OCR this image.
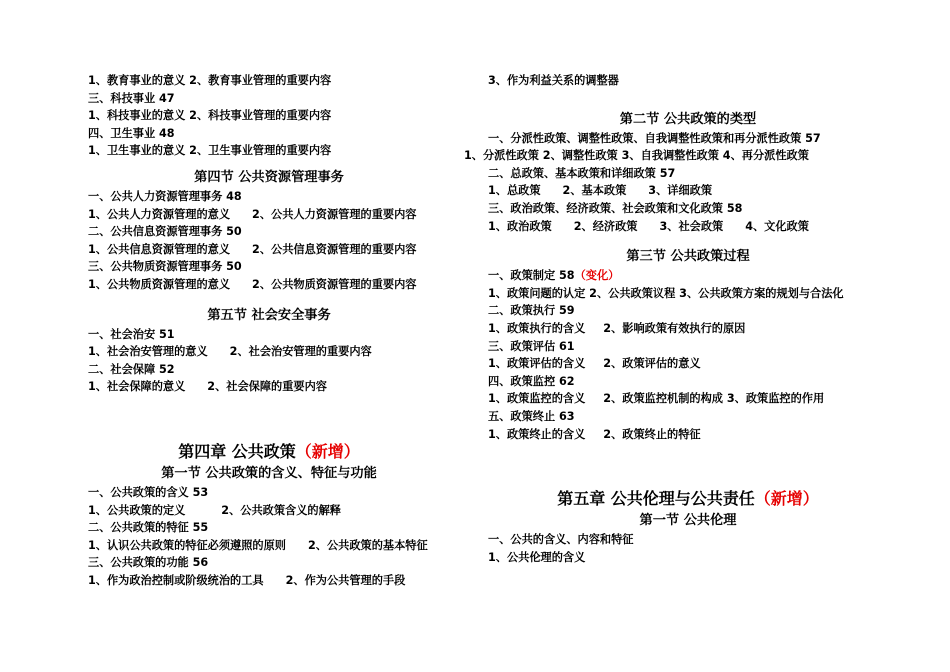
1、教育事业的意义 2、教育事业管理的重要内容
三、科技事业 47
1、科技事业的意义 2、科技事业管理的重要内容
四、卫生事业 48
1、卫生事业的意义 2、卫生事业管理的重要内容
第四节 公共资源管理事务
一、公共人力资源管理事务 48
1、公共人力资源管理的意义 2、公共人力资源管理的重要内容
二、公共信息资源管理事务 50
1、公共信息资源管理的意义 2、公共信息资源管理的重要内容
三、公共物质资源管理事务 50
1、公共物质资源管理的意义 2、公共物质资源管理的重要内容
第五节 社会安全事务
一、社会治安 51
1、社会治安管理的意义 2、社会治安管理的重要内容
二、社会保障 52
1、社会保障的意义 2、社会保障的重要内容
第四章 公共政策（新增）
第一节 公共政策的含义、特征与功能
一、公共政策的含义 53
1、公共政策的定义	2、公共政策含义的解释
二、公共政策的特征 55
1、认识公共政策的特征必须遵照的原则 2、公共政策的基本特征
三、公共政策的功能 56
1、作为政治控制或阶级统治的工具 2、作为公共管理的手段
3、作为利益关系的调整器
第二节 公共政策的类型
一、分派性政策、调整性政策、自我调整性政策和再分派性政策 57
1、分派性政策 2、调整性政策 3、自我调整性政策 4、再分派性政策
二、总政策、基本政策和详细政策 57
1、总政策 2、基本政策 3、详细政策
三、政治政策、经济政策、社会政策和文化政策 58
1、政治政策 2、经济政策 3、社会政策 4、文化政策
第三节 公共政策过程
一、政策制定 58（变化）
1、政策问题的认定 2、公共政策议程 3、公共政策方案的规划与合法化
二、政策执行 59
1、政策执行的含义 2、影响政策有效执行的原因
三、政策评估 61
1、政策评估的含义 2、政策评估的意义
四、政策监控 62
1、政策监控的含义 2、政策监控机制的构成 3、政策监控的作用
五、政策终止 63
1、政策终止的含义 2、政策终止的特征
第五章 公共伦理与公共责任（新增）
第一节 公共伦理
一、公共的含义、内容和特征
1、公共伦理的含义
